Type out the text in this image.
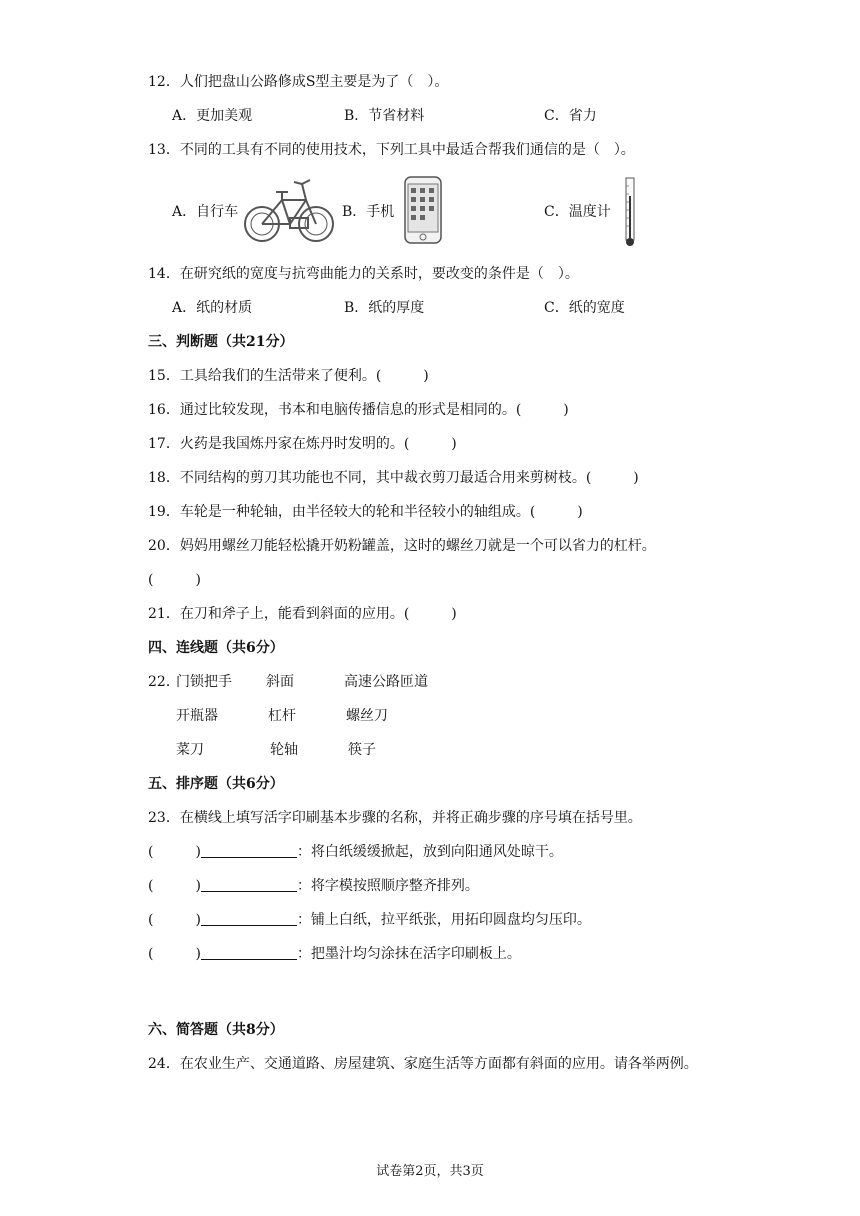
12．人们把盘山公路修成S型主要是为了（　）。
A．更加美观	B．节省材料	C．省力
13．不同的工具有不同的使用技术，下列工具中最适合帮我们通信的是（　）。
A．自行车	B．手机	C．温度计
14．在研究纸的宽度与抗弯曲能力的关系时，要改变的条件是（　）。
A．纸的材质	B．纸的厚度	C．纸的宽度
三、判断题（共21分）
15．工具给我们的生活带来了便利。(　　　)
16．通过比较发现，书本和电脑传播信息的形式是相同的。(　　　)
17．火药是我国炼丹家在炼丹时发明的。(　　　)
18．不同结构的剪刀其功能也不同，其中裁衣剪刀最适合用来剪树枝。(　　　)
19．车轮是一种轮轴，由半径较大的轮和半径较小的轴组成。(　　　)
20．妈妈用螺丝刀能轻松撬开奶粉罐盖，这时的螺丝刀就是一个可以省力的杠杆。
(　　　)
21．在刀和斧子上，能看到斜面的应用。(　　　)
四、连线题（共6分）
22．
门锁把手 斜面	高速公路匝道
开瓶器	杠杆	螺丝刀
菜刀	轮轴	筷子
五、排序题（共6分）
23．在横线上填写活字印刷基本步骤的名称，并将正确步骤的序号填在括号里。
(　　　)	：将白纸缓缓掀起，放到向阳通风处晾干。
(　　　)	：将字模按照顺序整齐排列。
(　　　)	：铺上白纸，拉平纸张，用拓印圆盘均匀压印。
(　　　)	：把墨汁均匀涂抹在活字印刷板上。
六、简答题（共8分）
24．在农业生产、交通道路、房屋建筑、家庭生活等方面都有斜面的应用。请各举两例。
试卷第2页，共3页
